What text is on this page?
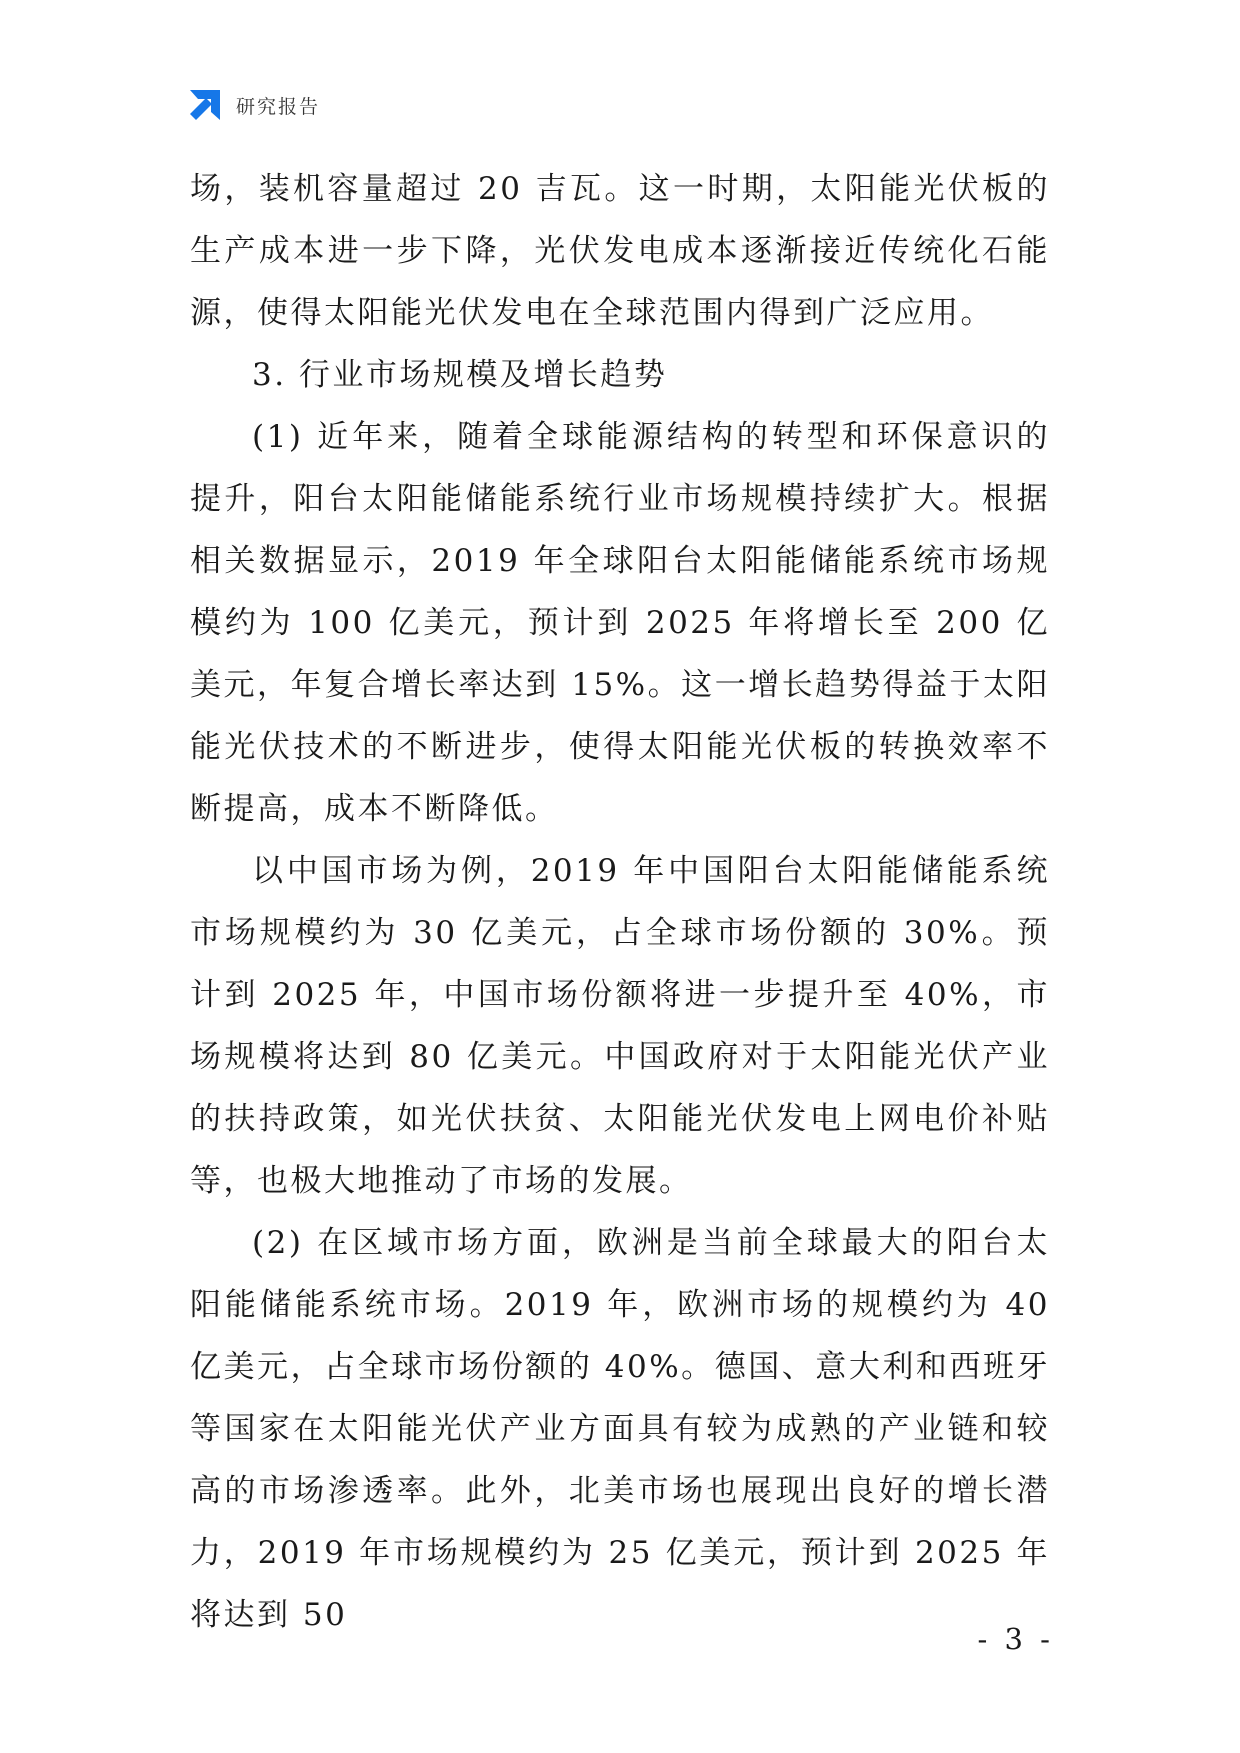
研究报告

场，装机容量超过 20 吉瓦。这一时期，太阳能光伏板的生产成本进一步下降，光伏发电成本逐渐接近传统化石能源，使得太阳能光伏发电在全球范围内得到广泛应用。

3. 行业市场规模及增长趋势

(1) 近年来，随着全球能源结构的转型和环保意识的提升，阳台太阳能储能系统行业市场规模持续扩大。根据相关数据显示，2019 年全球阳台太阳能储能系统市场规模约为 100 亿美元，预计到 2025 年将增长至 200 亿美元，年复合增长率达到 15%。这一增长趋势得益于太阳能光伏技术的不断进步，使得太阳能光伏板的转换效率不断提高，成本不断降低。

以中国市场为例，2019 年中国阳台太阳能储能系统市场规模约为 30 亿美元，占全球市场份额的 30%。预计到 2025 年，中国市场份额将进一步提升至 40%，市场规模将达到 80 亿美元。中国政府对于太阳能光伏产业的扶持政策，如光伏扶贫、太阳能光伏发电上网电价补贴等，也极大地推动了市场的发展。

(2) 在区域市场方面，欧洲是当前全球最大的阳台太阳能储能系统市场。2019 年，欧洲市场的规模约为 40 亿美元，占全球市场份额的 40%。德国、意大利和西班牙等国家在太阳能光伏产业方面具有较为成熟的产业链和较高的市场渗透率。此外，北美市场也展现出良好的增长潜力，2019 年市场规模约为 25 亿美元，预计到 2025 年将达到 50

- 3 -
